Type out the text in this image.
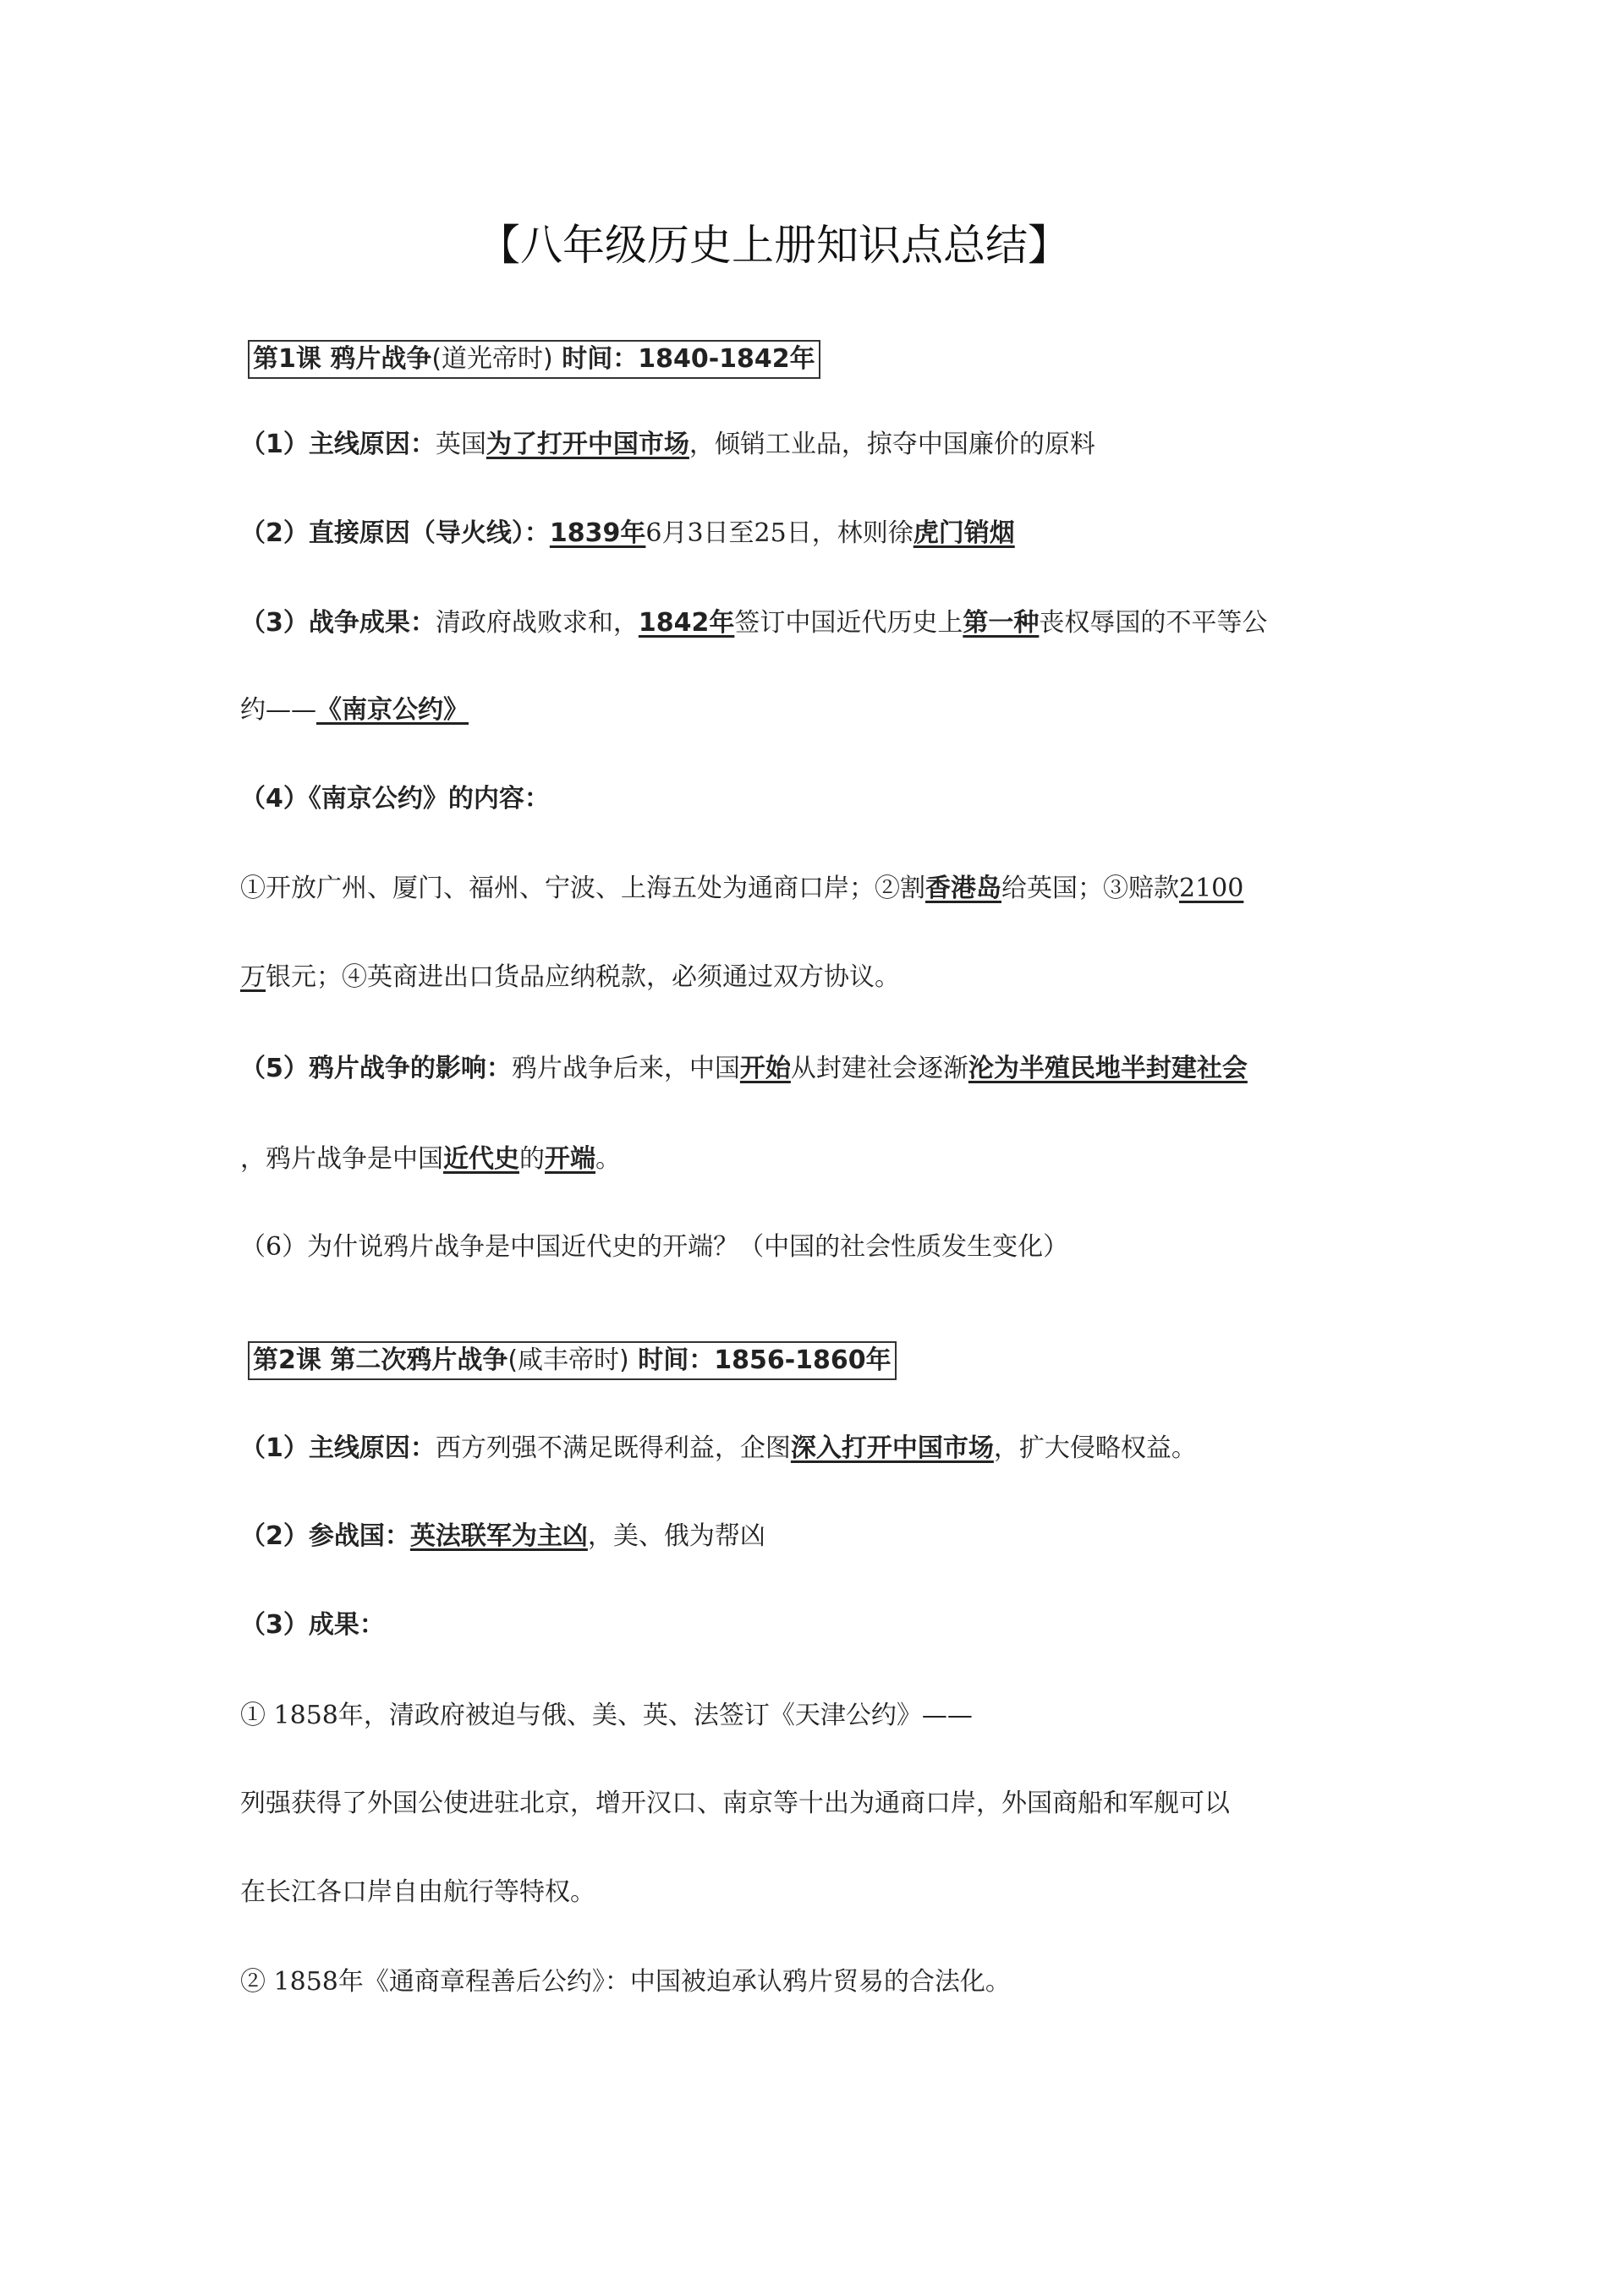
【八年级历史上册知识点总结】
第1课 鸦片战争(道光帝时) 时间：1840-1842年
（1）主线原因：英国为了打开中国市场，倾销工业品，掠夺中国廉价的原料
（2）直接原因（导火线）：1839年6月3日至25日，林则徐虎门销烟
（3）战争成果：清政府战败求和，1842年签订中国近代历史上第一种丧权辱国的不平等公
约——《南京公约》
（4）《南京公约》的内容：
①开放广州、厦门、福州、宁波、上海五处为通商口岸；②割香港岛给英国；③赔款2100
万银元；④英商进出口货品应纳税款，必须通过双方协议。
（5）鸦片战争的影响：鸦片战争后来，中国开始从封建社会逐渐沦为半殖民地半封建社会
，鸦片战争是中国近代史的开端。
（6）为什说鸦片战争是中国近代史的开端？（中国的社会性质发生变化）
第2课 第二次鸦片战争(咸丰帝时) 时间：1856-1860年
（1）主线原因：西方列强不满足既得利益，企图深入打开中国市场，扩大侵略权益。
（2）参战国：英法联军为主凶，美、俄为帮凶
（3）成果：
① 1858年，清政府被迫与俄、美、英、法签订《天津公约》——
列强获得了外国公使进驻北京，增开汉口、南京等十出为通商口岸，外国商船和军舰可以
在长江各口岸自由航行等特权。
② 1858年《通商章程善后公约》：中国被迫承认鸦片贸易的合法化。
